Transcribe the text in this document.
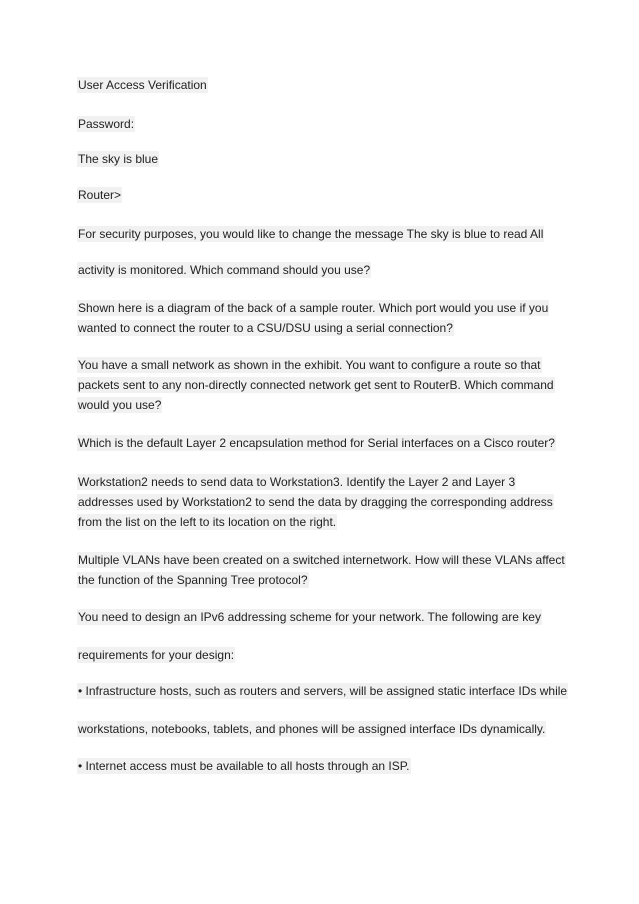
User Access Verification

Password:

The sky is blue

Router>

For security purposes, you would like to change the message The sky is blue to read All

activity is monitored. Which command should you use?

Shown here is a diagram of the back of a sample router. Which port would you use if you

wanted to connect the router to a CSU/DSU using a serial connection?

You have a small network as shown in the exhibit. You want to configure a route so that

packets sent to any non-directly connected network get sent to RouterB. Which command

would you use?

Which is the default Layer 2 encapsulation method for Serial interfaces on a Cisco router?

Workstation2 needs to send data to Workstation3. Identify the Layer 2 and Layer 3

addresses used by Workstation2 to send the data by dragging the corresponding address

from the list on the left to its location on the right.

Multiple VLANs have been created on a switched internetwork. How will these VLANs affect

the function of the Spanning Tree protocol?

You need to design an IPv6 addressing scheme for your network. The following are key

requirements for your design:

• Infrastructure hosts, such as routers and servers, will be assigned static interface IDs while

workstations, notebooks, tablets, and phones will be assigned interface IDs dynamically.

• Internet access must be available to all hosts through an ISP.
